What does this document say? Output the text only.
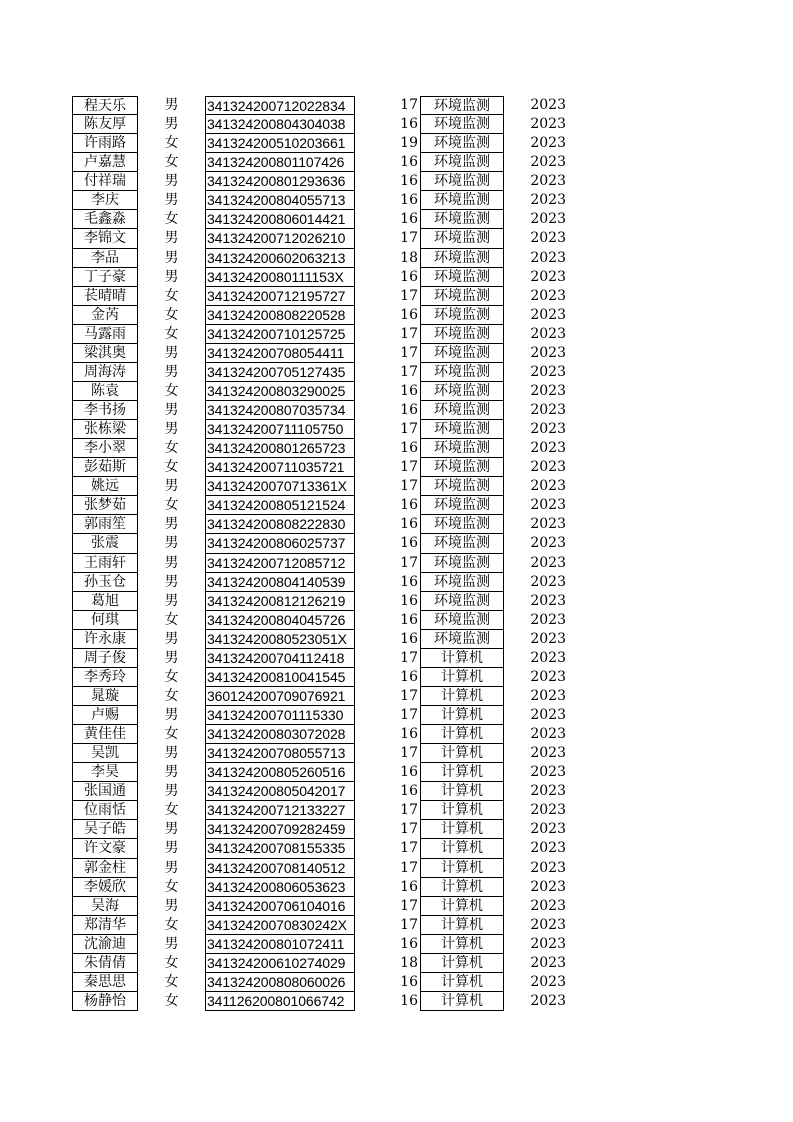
程天乐	男	341324200712022834	17	环境监测	2023
陈友厚	男	341324200804304038	16	环境监测	2023
许雨路	女	341324200510203661	19	环境监测	2023
卢嘉慧	女	341324200801107426	16	环境监测	2023
付祥瑞	男	341324200801293636	16	环境监测	2023
李庆	男	341324200804055713	16	环境监测	2023
毛鑫淼	女	341324200806014421	16	环境监测	2023
李锦文	男	341324200712026210	17	环境监测	2023
李品	男	341324200602063213	18	环境监测	2023
丁子豪	男	34132420080111153X	16	环境监测	2023
苌晴晴	女	341324200712195727	17	环境监测	2023
金芮	女	341324200808220528	16	环境监测	2023
马露雨	女	341324200710125725	17	环境监测	2023
梁淇奥	男	341324200708054411	17	环境监测	2023
周海涛	男	341324200705127435	17	环境监测	2023
陈袁	女	341324200803290025	16	环境监测	2023
李书扬	男	341324200807035734	16	环境监测	2023
张栋梁	男	341324200711105750	17	环境监测	2023
李小翠	女	341324200801265723	16	环境监测	2023
彭茹斯	女	341324200711035721	17	环境监测	2023
姚远	男	34132420070713361X	17	环境监测	2023
张梦茹	女	341324200805121524	16	环境监测	2023
郭雨笙	男	341324200808222830	16	环境监测	2023
张震	男	341324200806025737	16	环境监测	2023
王雨轩	男	341324200712085712	17	环境监测	2023
孙玉仓	男	341324200804140539	16	环境监测	2023
葛旭	男	341324200812126219	16	环境监测	2023
何琪	女	341324200804045726	16	环境监测	2023
许永康	男	34132420080523051X	16	环境监测	2023
周子俊	男	341324200704112418	17	计算机	2023
李秀玲	女	341324200810041545	16	计算机	2023
晁璇	女	360124200709076921	17	计算机	2023
卢赐	男	341324200701115330	17	计算机	2023
黄佳佳	女	341324200803072028	16	计算机	2023
吴凯	男	341324200708055713	17	计算机	2023
李昊	男	341324200805260516	16	计算机	2023
张国通	男	341324200805042017	16	计算机	2023
位雨恬	女	341324200712133227	17	计算机	2023
吴子皓	男	341324200709282459	17	计算机	2023
许文豪	男	341324200708155335	17	计算机	2023
郭金柱	男	341324200708140512	17	计算机	2023
李媛欣	女	341324200806053623	16	计算机	2023
吴海	男	341324200706104016	17	计算机	2023
郑清华	女	34132420070830242X	17	计算机	2023
沈渝迪	男	341324200801072411	16	计算机	2023
朱倩倩	女	341324200610274029	18	计算机	2023
秦思思	女	341324200808060026	16	计算机	2023
杨静怡	女	341126200801066742	16	计算机	2023
